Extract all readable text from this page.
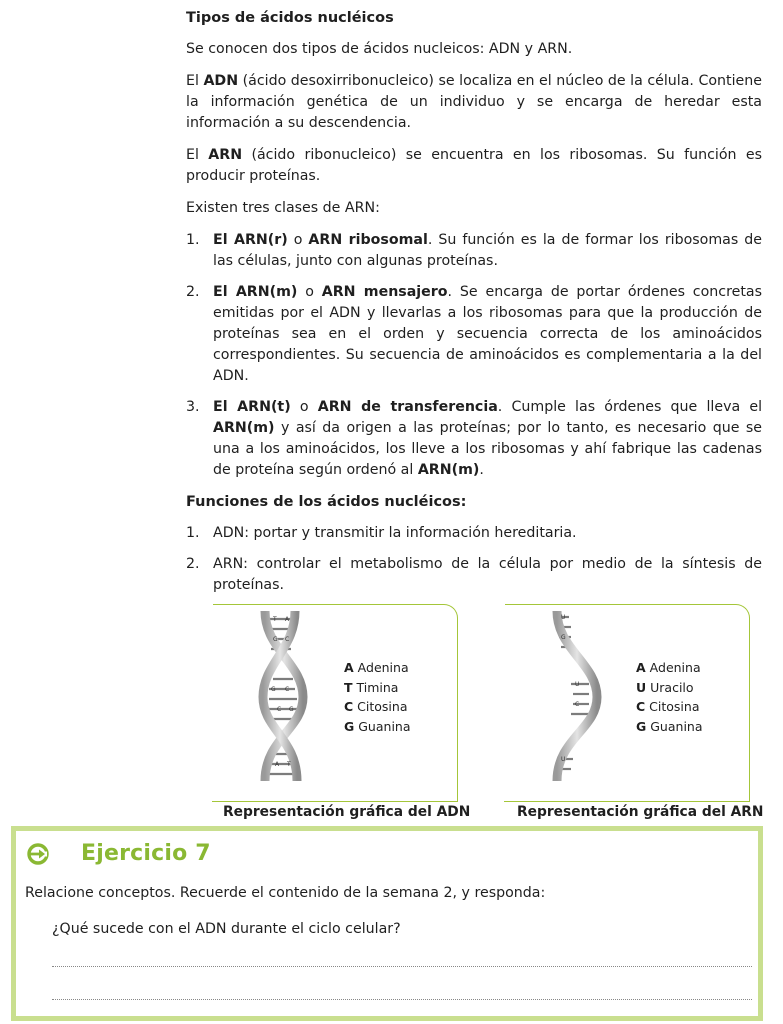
Tipos de ácidos nucléicos

Se conocen dos tipos de ácidos nucleicos: ADN y ARN.

El ADN (ácido desoxirribonucleico) se localiza en el núcleo de la célula. Contiene la información genética de un individuo y se encarga de heredar esta información a su descendencia.

El ARN (ácido ribonucleico) se encuentra en los ribosomas. Su función es producir proteínas.

Existen tres clases de ARN:

1. El ARN(r) o ARN ribosomal. Su función es la de formar los ribosomas de las células, junto con algunas proteínas.
2. El ARN(m) o ARN mensajero. Se encarga de portar órdenes concretas emitidas por el ADN y llevarlas a los ribosomas para que la producción de proteínas sea en el orden y secuencia correcta de los aminoácidos correspondientes. Su secuencia de aminoácidos es complementaria a la del ADN.
3. El ARN(t) o ARN de transferencia. Cumple las órdenes que lleva el ARN(m) y así da origen a las proteínas; por lo tanto, es necesario que se una a los aminoácidos, los lleve a los ribosomas y ahí fabrique las cadenas de proteína según ordenó al ARN(m).
Funciones de los ácidos nucléicos:
1. ADN: portar y transmitir la información hereditaria.
2. ARN: controlar el metabolismo de la célula por medio de la síntesis de proteínas.
T A
G C
G C
C G
A T
A Adenina
T Timina
C Citosina
G Guanina
Representación gráfica del ADN
U
G
U
C
U
A Adenina
U Uracilo
C Citosina
G Guanina
Representación gráfica del ARN
Ejercicio 7
Relacione conceptos. Recuerde el contenido de la semana 2, y responda:
¿Qué sucede con el ADN durante el ciclo celular?
